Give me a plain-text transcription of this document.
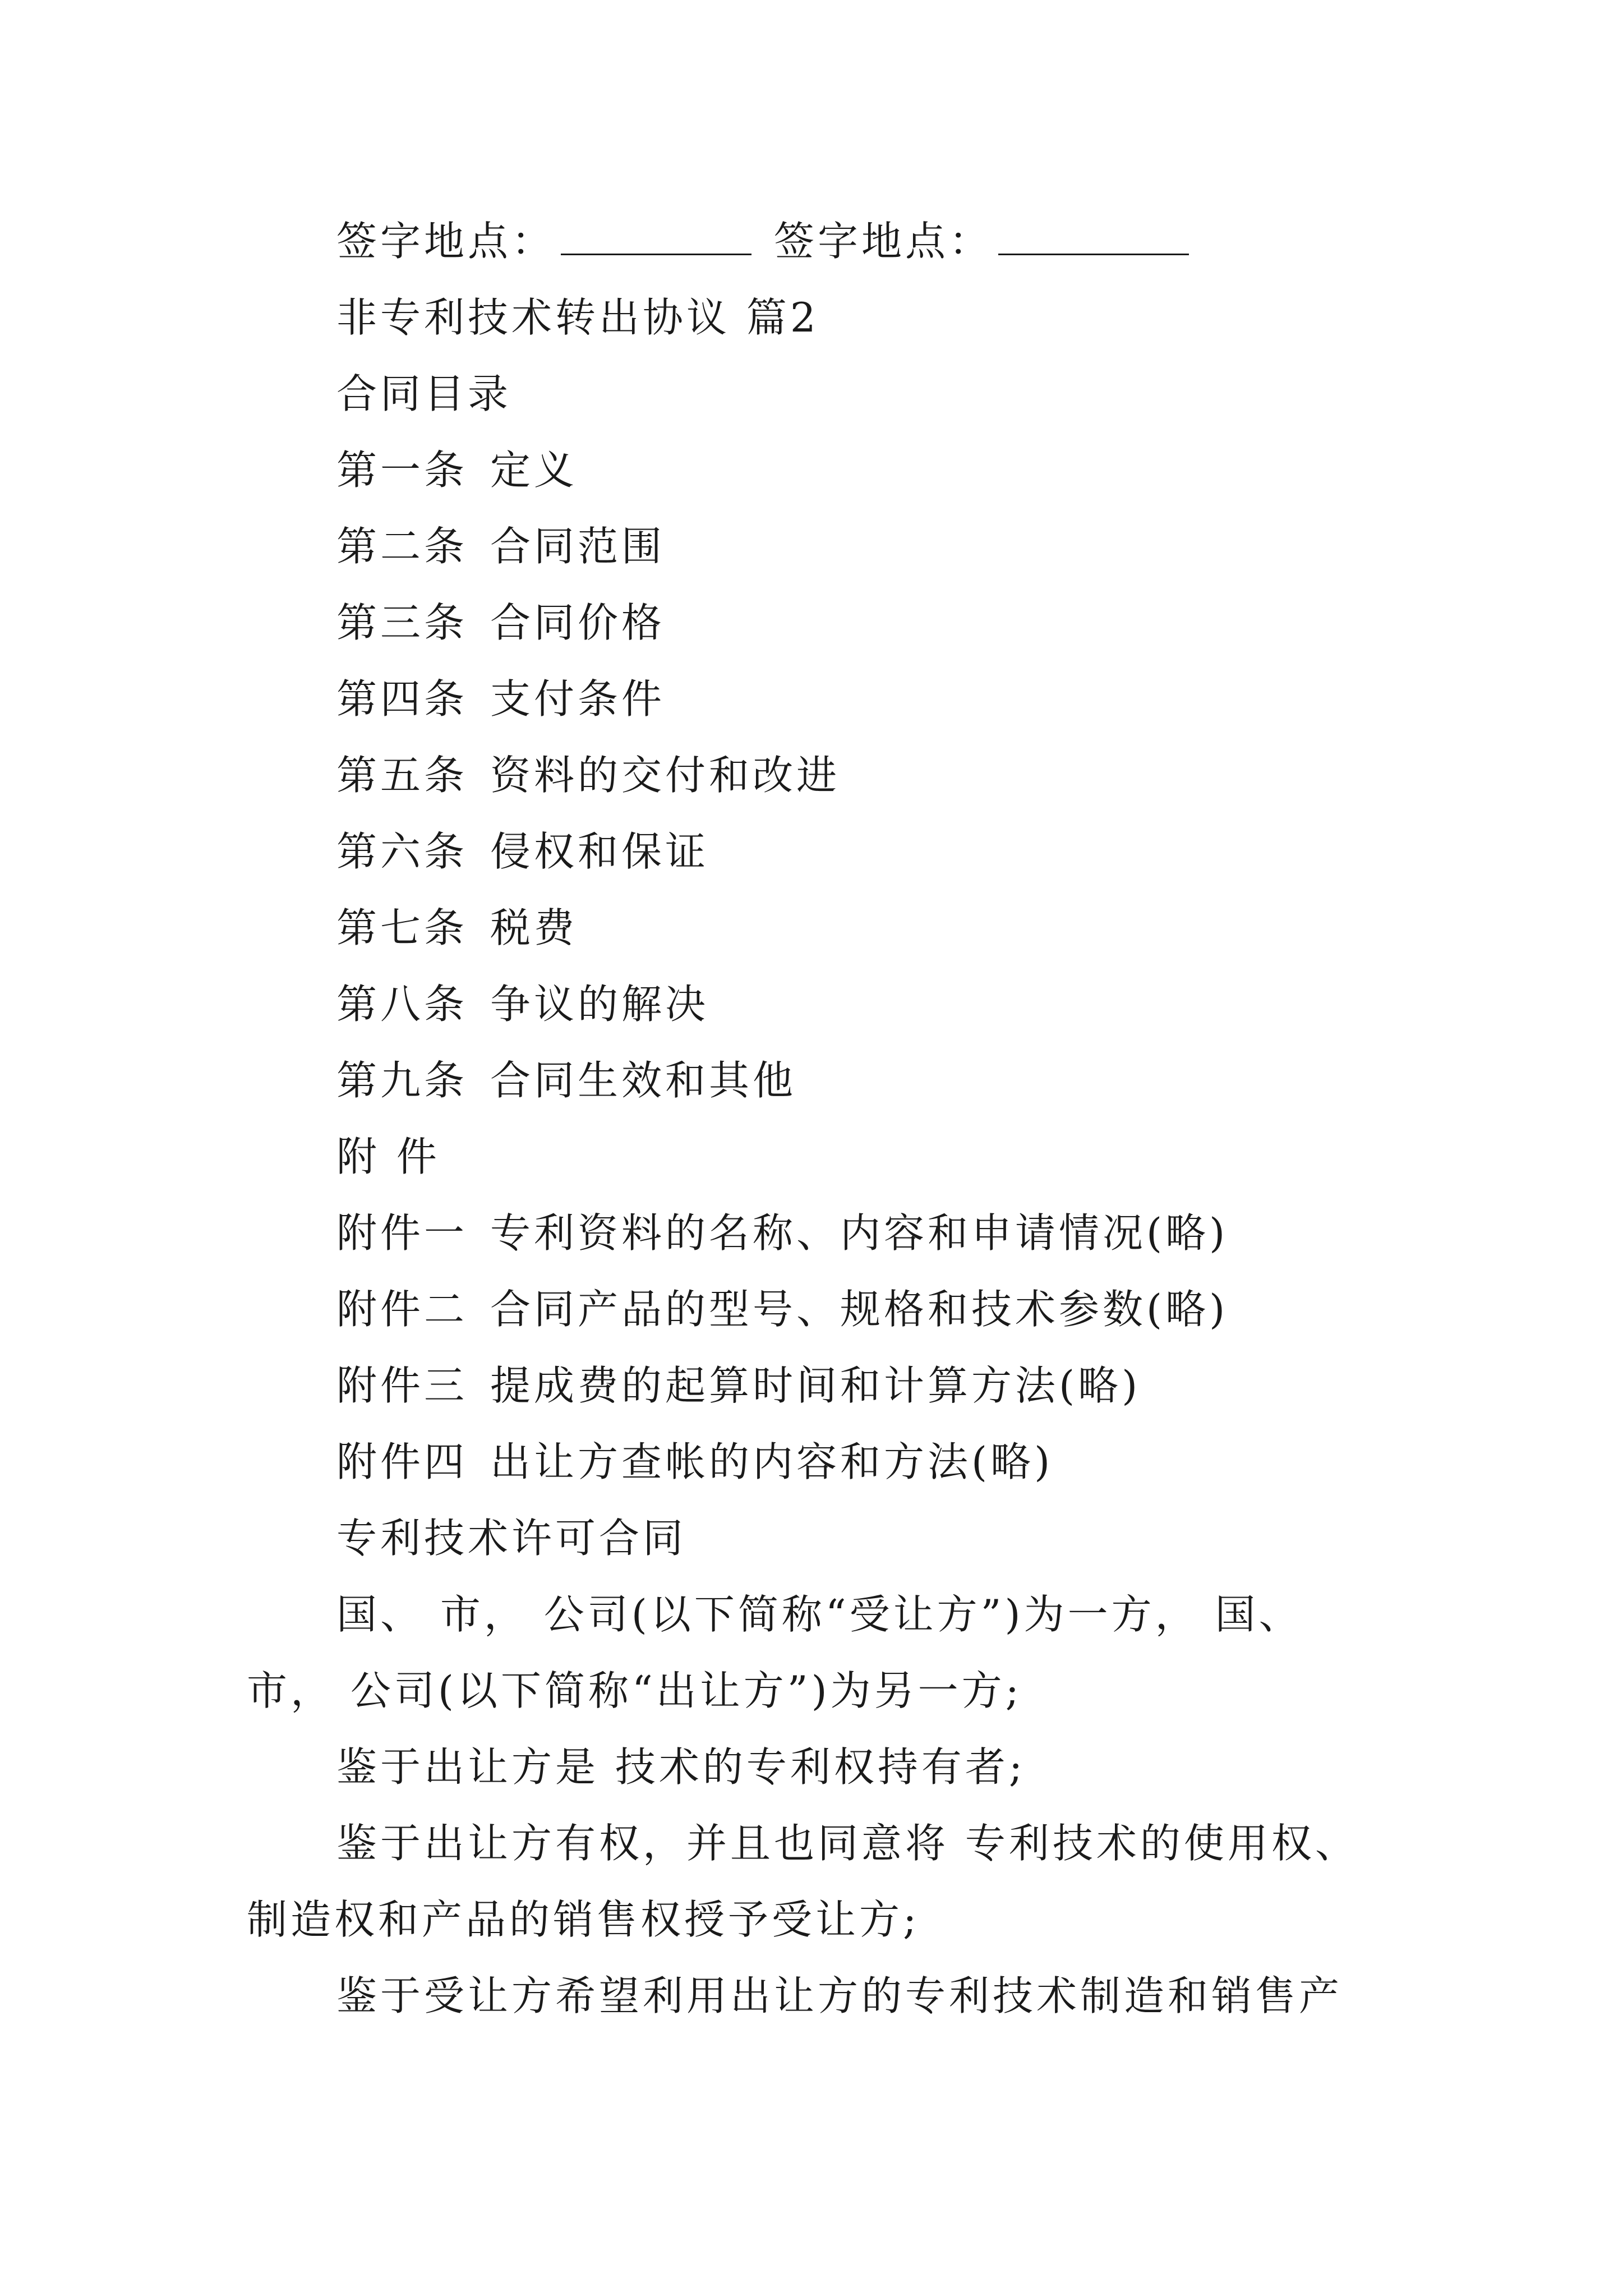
签字地点：	签字地点：
非专利技术转出协议 篇2
合同目录
第一条 定义
第二条 合同范围
第三条 合同价格
第四条 支付条件
第五条 资料的交付和改进
第六条 侵权和保证
第七条 税费
第八条 争议的解决
第九条 合同生效和其他
附 件
附件一 专利资料的名称、内容和申请情况(略)
附件二 合同产品的型号、规格和技术参数(略)
附件三 提成费的起算时间和计算方法(略)
附件四 出让方查帐的内容和方法(略)
专利技术许可合同
国、 市， 公司(以下简称“受让方”)为一方， 国、
市， 公司(以下简称“出让方”)为另一方;
鉴于出让方是 技术的专利权持有者;
鉴于出让方有权，并且也同意将 专利技术的使用权、
制造权和产品的销售权授予受让方;
鉴于受让方希望利用出让方的专利技术制造和销售产
